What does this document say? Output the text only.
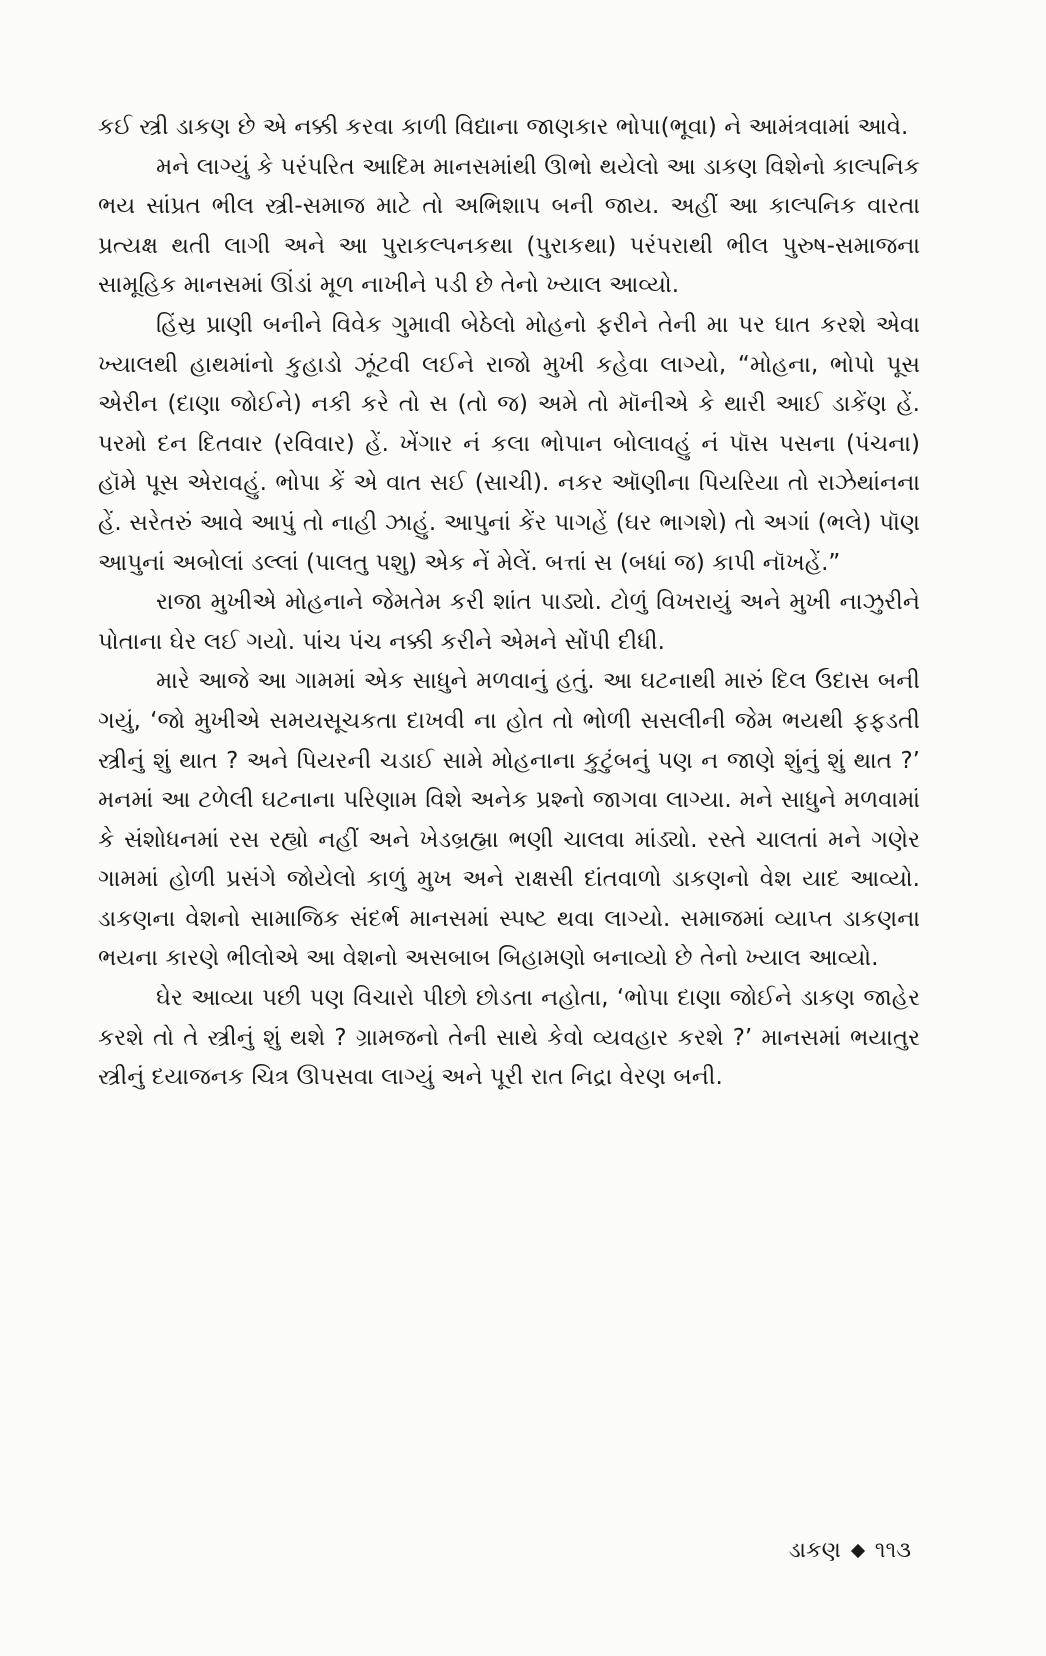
કઈ સ્ત્રી ડાકણ છે એ નક્કી કરવા કાળી વિદ્યાના જાણકાર ભોપા(ભૂવા) ને આમંત્રવામાં આવે.

મને લાગ્યું કે પરંપરિત આદિમ માનસમાંથી ઊભો થયેલો આ ડાકણ વિશેનો કાલ્પનિક ભય સાંપ્રત ભીલ સ્ત્રી-સમાજ માટે તો અભિશાપ બની જાય. અહીં આ કાલ્પનિક વારતા પ્રત્યક્ષ થતી લાગી અને આ પુરાકલ્પનકથા (પુરાકથા) પરંપરાથી ભીલ પુરુષ-સમાજના સામૂહિક માનસમાં ઊંડાં મૂળ નાખીને પડી છે તેનો ખ્યાલ આવ્યો.

હિંસ્ર પ્રાણી બનીને વિવેક ગુમાવી બેઠેલો મોહનો ફરીને તેની મા પર ઘાત કરશે એવા ખ્યાલથી હાથમાંનો કુહાડો ઝૂંટવી લઈને રાજો મુખી કહેવા લાગ્યો, “મોહના, ભોપો પૂસ એરીન (દાણા જોઈને) નકી કરે તો સ (તો જ) અમે તો મૉનીએ કે થારી આઈ ડાકેંણ હેં. પરમો દન દિતવાર (રવિવાર) હેં. ખેંગાર નં કલા ભોપાન બોલાવહું નં પૉસ પસના (પંચના) હૉમે પૂસ એરાવહું. ભોપા કેં એ વાત સઈ (સાચી). નકર ઑણીના પિયરિયા તો રાઝેથાંનના હેં. સરેતરું આવે આપું તો નાહી ઝાહું. આપુનાં કેંર પાગહેં (ઘર ભાગશે) તો અગાં (ભલે) પૉણ આપુનાં અબોલાં ડલ્લાં (પાલતુ પશુ) એક નેં મેલેં. બત્તાં સ (બધાં જ) કાપી નૉખહેં.”

રાજા મુખીએ મોહનાને જેમતેમ કરી શાંત પાડ્યો. ટોળું વિખરાયું અને મુખી નાઝુરીને પોતાના ઘેર લઈ ગયો. પાંચ પંચ નક્કી કરીને એમને સોંપી દીધી.

મારે આજે આ ગામમાં એક સાધુને મળવાનું હતું. આ ઘટનાથી મારું દિલ ઉદાસ બની ગયું, ‘જો મુખીએ સમયસૂચકતા દાખવી ના હોત તો ભોળી સસલીની જેમ ભયથી ફફડતી સ્ત્રીનું શું થાત ? અને પિયરની ચડાઈ સામે મોહનાના કુટુંબનું પણ ન જાણે શુંનું શું થાત ?’ મનમાં આ ટળેલી ઘટનાના પરિણામ વિશે અનેક પ્રશ્નો જાગવા લાગ્યા. મને સાધુને મળવામાં કે સંશોધનમાં રસ રહ્યો નહીં અને ખેડબ્રહ્મા ભણી ચાલવા માંડ્યો. રસ્તે ચાલતાં મને ગણેર ગામમાં હોળી પ્રસંગે જોયેલો કાળું મુખ અને રાક્ષસી દાંતવાળો ડાકણનો વેશ યાદ આવ્યો. ડાકણના વેશનો સામાજિક સંદર્ભ માનસમાં સ્પષ્ટ થવા લાગ્યો. સમાજમાં વ્યાપ્ત ડાકણના ભયના કારણે ભીલોએ આ વેશનો અસબાબ બિહામણો બનાવ્યો છે તેનો ખ્યાલ આવ્યો.

ઘેર આવ્યા પછી પણ વિચારો પીછો છોડતા નહોતા, ‘ભોપા દાણા જોઈને ડાકણ જાહેર કરશે તો તે સ્ત્રીનું શું થશે ? ગ્રામજનો તેની સાથે કેવો વ્યવહાર કરશે ?’ માનસમાં ભયાતુર સ્ત્રીનું દયાજનક ચિત્ર ઊપસવા લાગ્યું અને પૂરી રાત નિદ્રા વેરણ બની.

ડાકણ ૧૧૩
